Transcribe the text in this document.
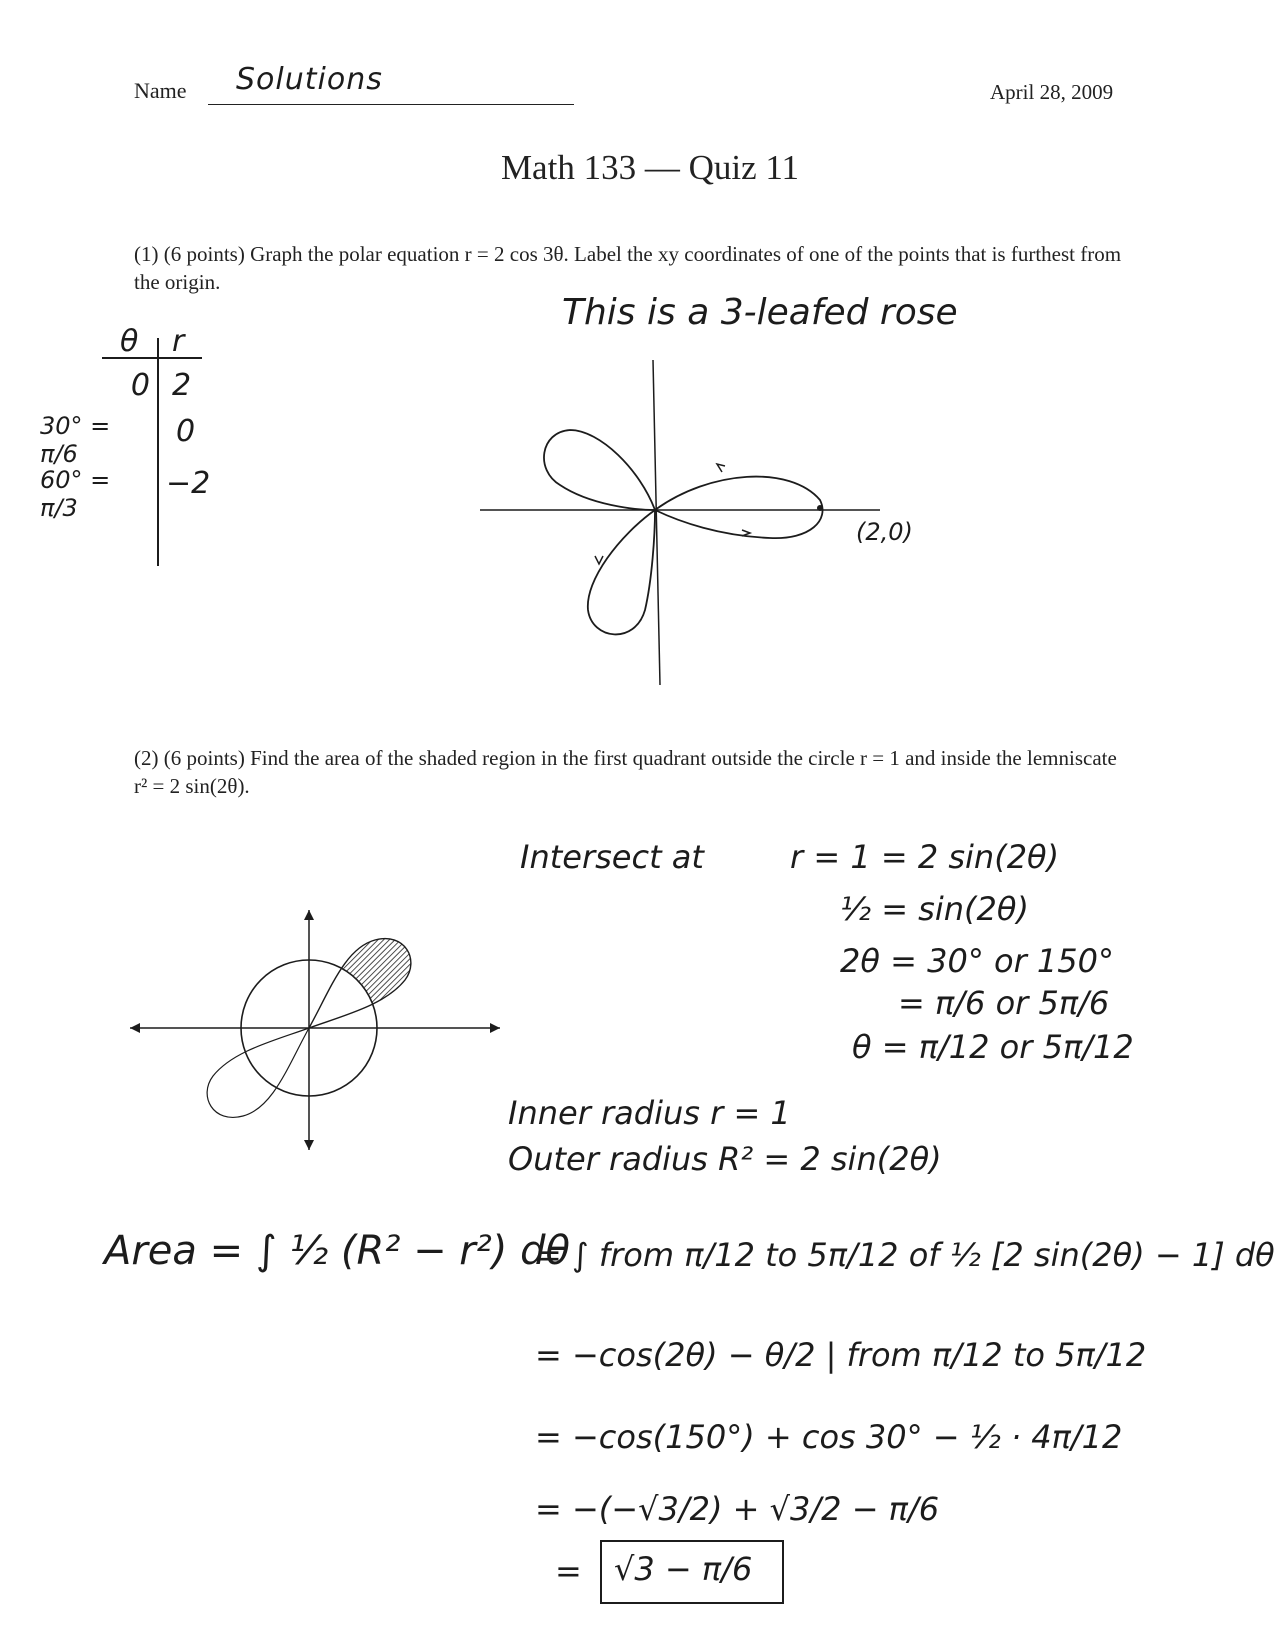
Name Solutions	April 28, 2009
Math 133 — Quiz 11
(1) (6 points) Graph the polar equation r = 2 cos 3θ. Label the xy coordinates of one of the points that is furthest from the origin.
This is a 3-leafed rose
θ r
0 2
30° = π/6
0
60° = π/3
−2
(2,0)
(2) (6 points) Find the area of the shaded region in the first quadrant outside the circle r = 1 and inside the lemniscate r² = 2 sin(2θ).
Intersect at	r = 1 = 2 sin(2θ)
½ = sin(2θ)
2θ = 30° or 150°
= π/6 or 5π/6
θ = π/12 or 5π/12
Inner radius r = 1
Outer radius R² = 2 sin(2θ)
Area = ∫ ½ (R² − r²) dθ
= ∫ from π/12 to 5π/12 of ½ [2 sin(2θ) − 1] dθ
= −cos(2θ) − θ/2 | from π/12 to 5π/12
= −cos(150°) + cos 30° − ½ · 4π/12
= −(−√3/2) + √3/2 − π/6
= √3 − π/6
